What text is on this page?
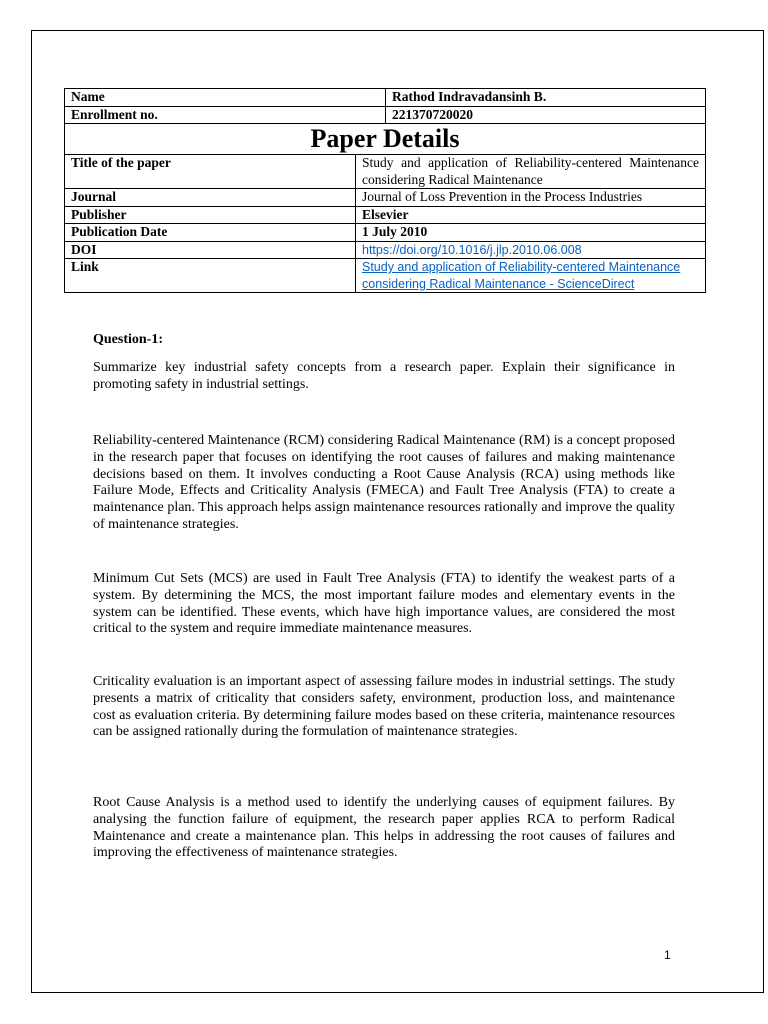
Name		Rathod Indravadansinh B.
Enrollment no.		221370720020
Paper Details		
Title of the paper	Study and application of Reliability-centered Maintenance considering Radical Maintenance	
Journal	Journal of Loss Prevention in the Process Industries	
Publisher	Elsevier	
Publication Date	1 July 2010	
DOI	https://doi.org/10.1016/j.jlp.2010.06.008	
Link	Study and application of Reliability-centered Maintenance considering Radical Maintenance - ScienceDirect	

Question-1:

Summarize key industrial safety concepts from a research paper. Explain their significance in promoting safety in industrial settings.

Reliability-centered Maintenance (RCM) considering Radical Maintenance (RM) is a concept proposed in the research paper that focuses on identifying the root causes of failures and making maintenance decisions based on them. It involves conducting a Root Cause Analysis (RCA) using methods like Failure Mode, Effects and Criticality Analysis (FMECA) and Fault Tree Analysis (FTA) to create a maintenance plan. This approach helps assign maintenance resources rationally and improve the quality of maintenance strategies.

Minimum Cut Sets (MCS) are used in Fault Tree Analysis (FTA) to identify the weakest parts of a system. By determining the MCS, the most important failure modes and elementary events in the system can be identified. These events, which have high importance values, are considered the most critical to the system and require immediate maintenance measures.

Criticality evaluation is an important aspect of assessing failure modes in industrial settings. The study presents a matrix of criticality that considers safety, environment, production loss, and maintenance cost as evaluation criteria. By determining failure modes based on these criteria, maintenance resources can be assigned rationally during the formulation of maintenance strategies.

Root Cause Analysis is a method used to identify the underlying causes of equipment failures. By analysing the function failure of equipment, the research paper applies RCA to perform Radical Maintenance and create a maintenance plan. This helps in addressing the root causes of failures and improving the effectiveness of maintenance strategies.

1
